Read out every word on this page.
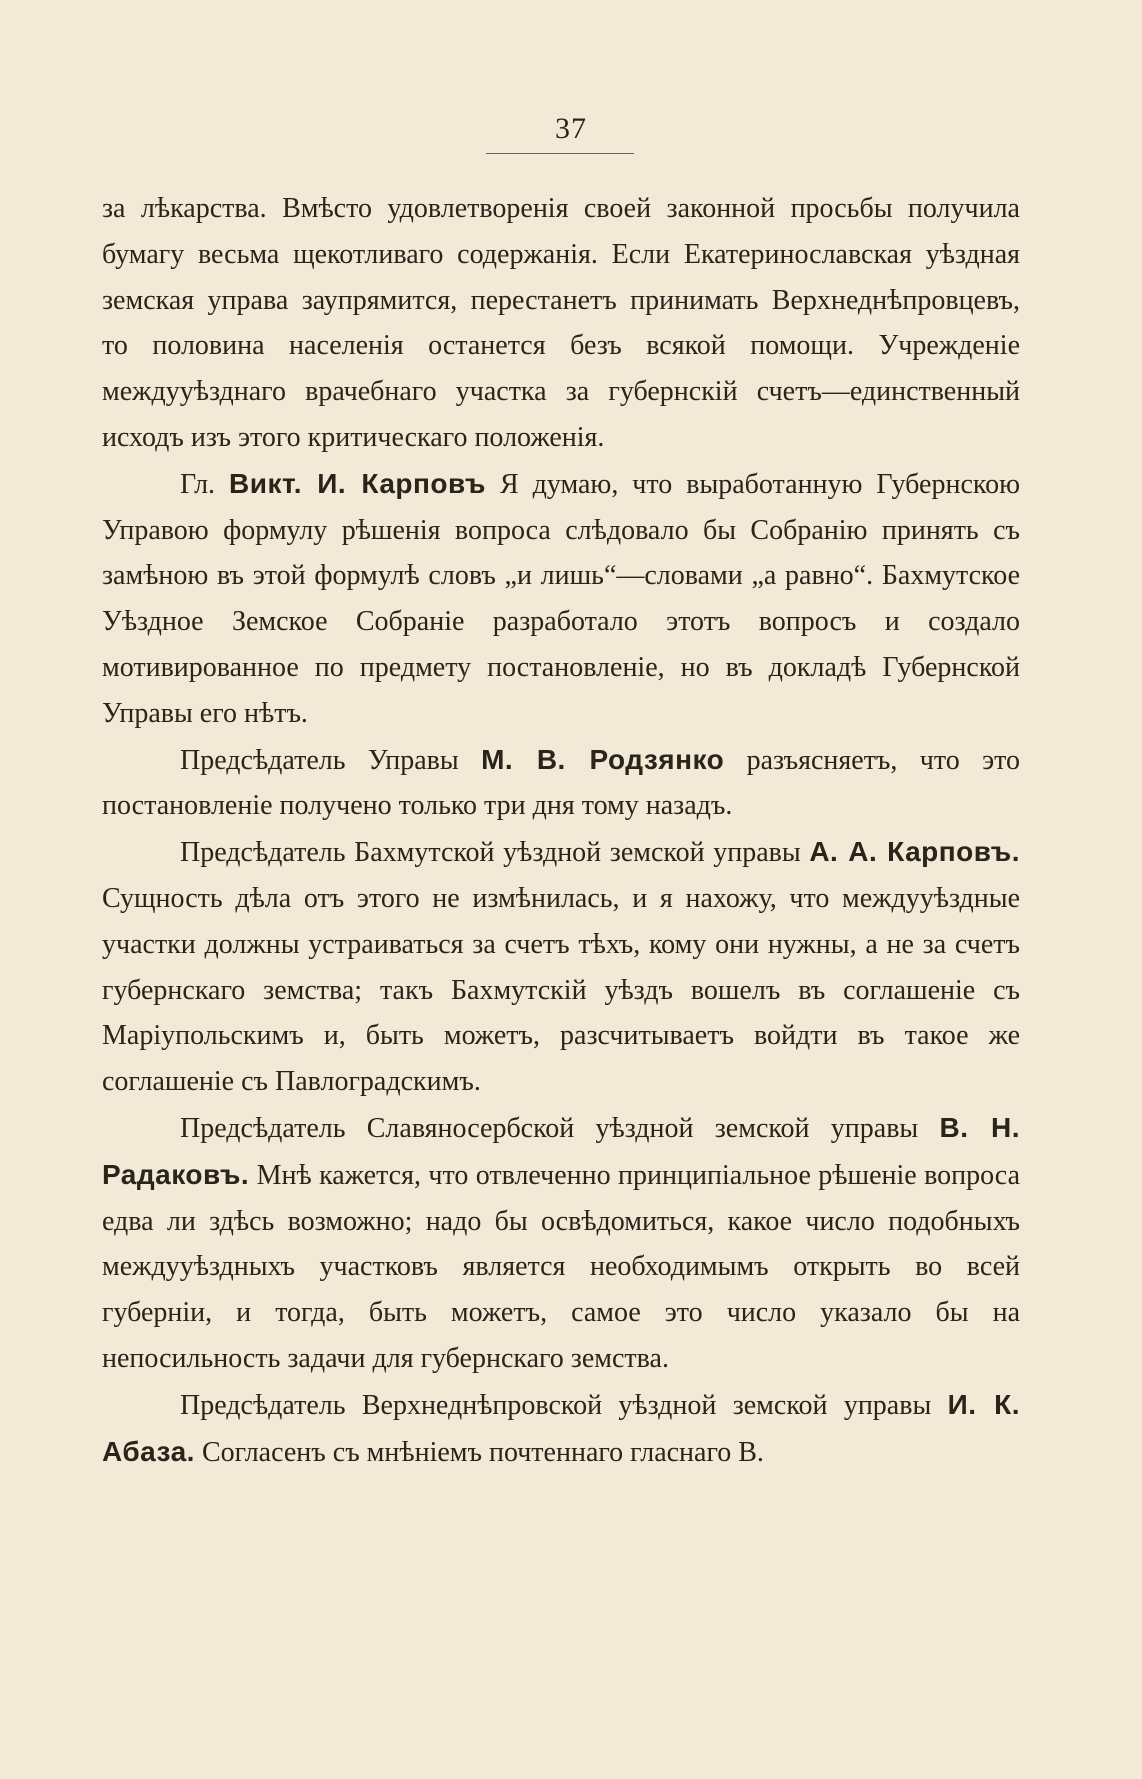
37

за лѣкарства. Вмѣсто удовлетворенія своей законной просьбы получила бумагу весьма щекотливаго содержанія. Если Екатеринославская уѣздная земская управа заупрямится, перестанетъ принимать Верхнеднѣпровцевъ, то половина населенія останется безъ всякой помощи. Учрежденіе междууѣзднаго врачебнаго участка за губернскій счетъ—единственный исходъ изъ этого критическаго положенія.

Гл. Викт. И. Карповъ Я думаю, что выработанную Губернскою Управою формулу рѣшенія вопроса слѣдовало бы Собранію принять съ замѣною въ этой формулѣ словъ „и лишь“—словами „а равно“. Бахмутское Уѣздное Земское Собраніе разработало этотъ вопросъ и создало мотивированное по предмету постановленіе, но въ докладѣ Губернской Управы его нѣтъ.

Предсѣдатель Управы М. В. Родзянко разъясняетъ, что это постановленіе получено только три дня тому назадъ.

Предсѣдатель Бахмутской уѣздной земской управы А. А. Карповъ. Сущность дѣла отъ этого не измѣнилась, и я нахожу, что междууѣздные участки должны устраиваться за счетъ тѣхъ, кому они нужны, а не за счетъ губернскаго земства; такъ Бахмутскій уѣздъ вошелъ въ соглашеніе съ Маріупольскимъ и, быть можетъ, разсчитываетъ войдти въ такое же соглашеніе съ Павлоградскимъ.

Предсѣдатель Славяносербской уѣздной земской управы В. Н. Радаковъ. Мнѣ кажется, что отвлеченно принципіальное рѣшеніе вопроса едва ли здѣсь возможно; надо бы освѣдомиться, какое число подобныхъ междууѣздныхъ участковъ является необходимымъ открыть во всей губерніи, и тогда, быть можетъ, самое это число указало бы на непосильность задачи для губернскаго земства.

Предсѣдатель Верхнеднѣпровской уѣздной земской управы И. К. Абаза. Согласенъ съ мнѣніемъ почтеннаго гласнаго В.
